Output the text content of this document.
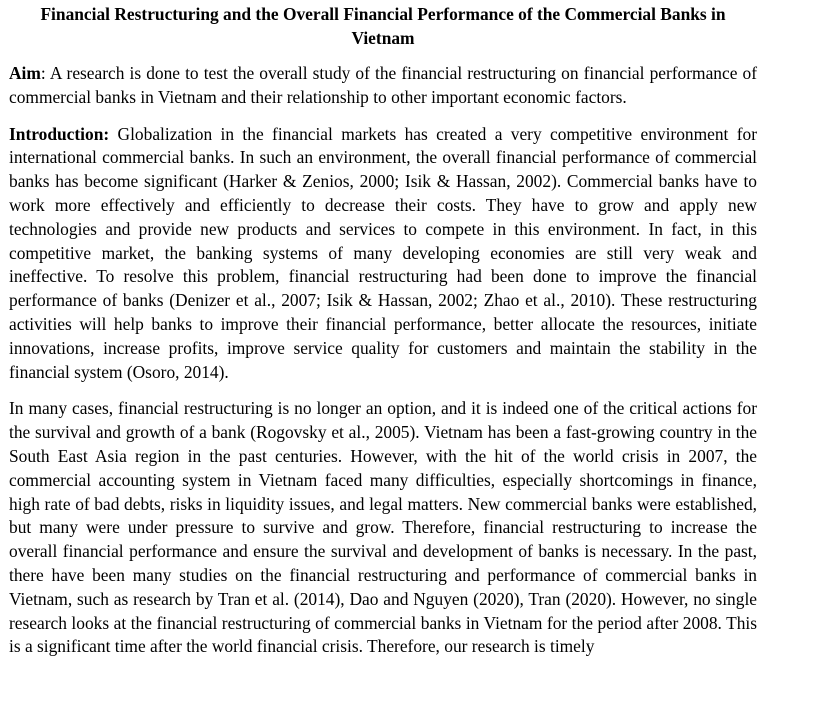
Financial Restructuring and the Overall Financial Performance of the Commercial Banks in Vietnam

Aim: A research is done to test the overall study of the financial restructuring on financial performance of commercial banks in Vietnam and their relationship to other important economic factors.

Introduction: Globalization in the financial markets has created a very competitive environment for international commercial banks. In such an environment, the overall financial performance of commercial banks has become significant (Harker & Zenios, 2000; Isik & Hassan, 2002). Commercial banks have to work more effectively and efficiently to decrease their costs. They have to grow and apply new technologies and provide new products and services to compete in this environment. In fact, in this competitive market, the banking systems of many developing economies are still very weak and ineffective. To resolve this problem, financial restructuring had been done to improve the financial performance of banks (Denizer et al., 2007; Isik & Hassan, 2002; Zhao et al., 2010). These restructuring activities will help banks to improve their financial performance, better allocate the resources, initiate innovations, increase profits, improve service quality for customers and maintain the stability in the financial system (Osoro, 2014).

In many cases, financial restructuring is no longer an option, and it is indeed one of the critical actions for the survival and growth of a bank (Rogovsky et al., 2005). Vietnam has been a fast-growing country in the South East Asia region in the past centuries. However, with the hit of the world crisis in 2007, the commercial accounting system in Vietnam faced many difficulties, especially shortcomings in finance, high rate of bad debts, risks in liquidity issues, and legal matters. New commercial banks were established, but many were under pressure to survive and grow. Therefore, financial restructuring to increase the overall financial performance and ensure the survival and development of banks is necessary. In the past, there have been many studies on the financial restructuring and performance of commercial banks in Vietnam, such as research by Tran et al. (2014), Dao and Nguyen (2020), Tran (2020). However, no single research looks at the financial restructuring of commercial banks in Vietnam for the period after 2008. This is a significant time after the world financial crisis. Therefore, our research is timely
